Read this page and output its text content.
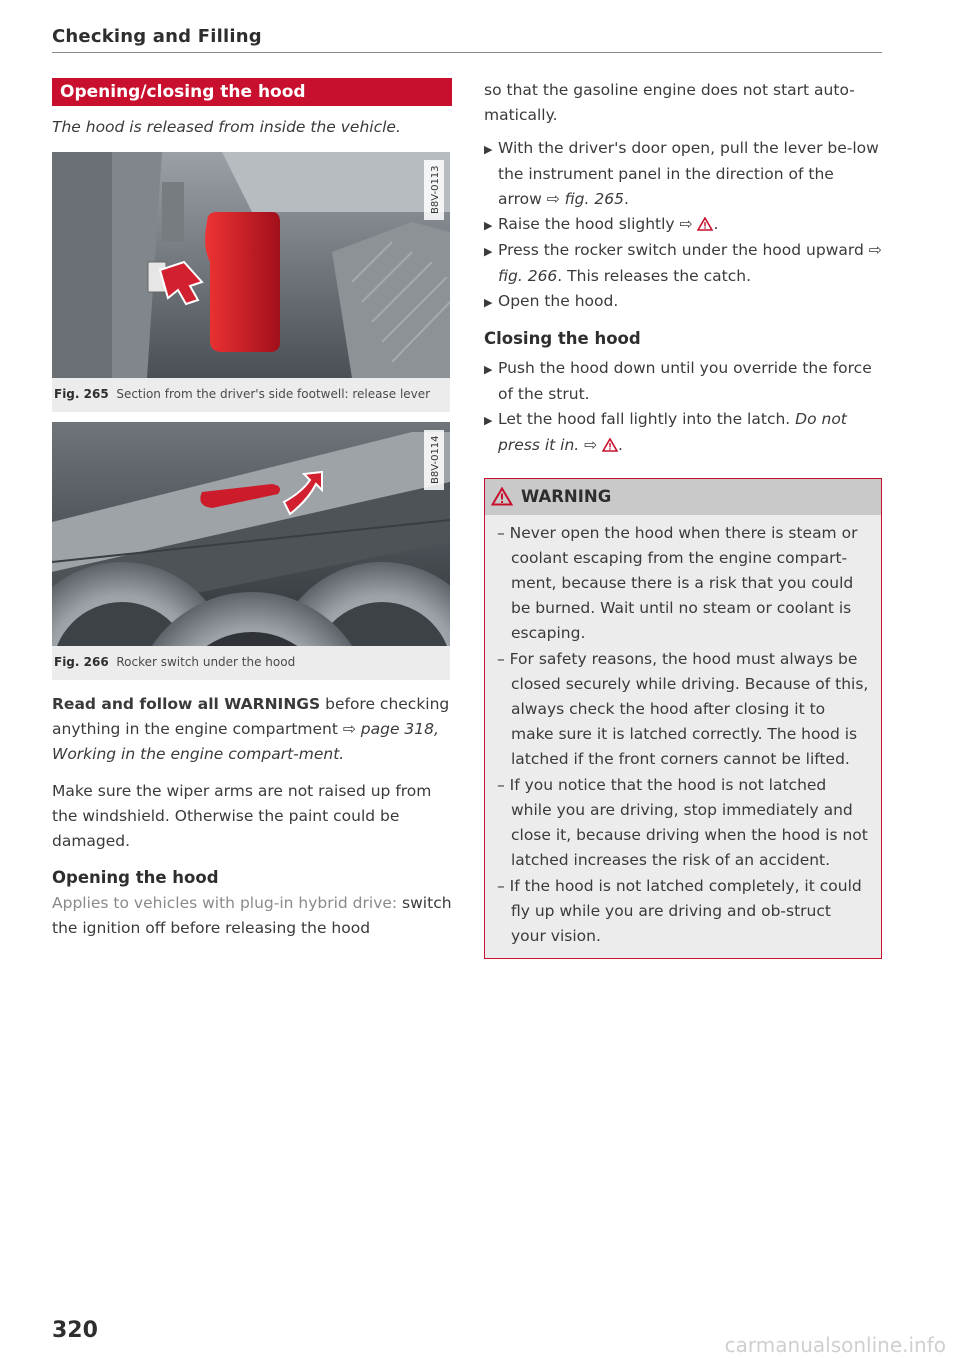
Checking and Filling
Opening/closing the hood
The hood is released from inside the vehicle.
B8V-0113
Fig. 265 Section from the driver's side footwell: release lever
B8V-0114
Fig. 266 Rocker switch under the hood

Read and follow all WARNINGS before checking anything in the engine compartment ⇨ page 318, Working in the engine compart-ment.

Make sure the wiper arms are not raised up from the windshield. Otherwise the paint could be damaged.

Opening the hood

Applies to vehicles with plug-in hybrid drive: switch the ignition off before releasing the hood

so that the gasoline engine does not start auto-matically.

▶ With the driver's door open, pull the lever be-low the instrument panel in the direction of the arrow ⇨ fig. 265.
▶ Raise the hood slightly ⇨ .
▶ Press the rocker switch under the hood upward ⇨ fig. 266. This releases the catch.
▶ Open the hood.
Closing the hood
▶ Push the hood down until you override the force of the strut.
▶ Let the hood fall lightly into the latch. Do not press it in. ⇨ .
WARNING
– Never open the hood when there is steam or coolant escaping from the engine compart-ment, because there is a risk that you could be burned. Wait until no steam or coolant is escaping.
– For safety reasons, the hood must always be closed securely while driving. Because of this, always check the hood after closing it to make sure it is latched correctly. The hood is latched if the front corners cannot be lifted.
– If you notice that the hood is not latched while you are driving, stop immediately and close it, because driving when the hood is not latched increases the risk of an accident.
– If the hood is not latched completely, it could fly up while you are driving and ob-struct your vision.
320
carmanualsonline.info
